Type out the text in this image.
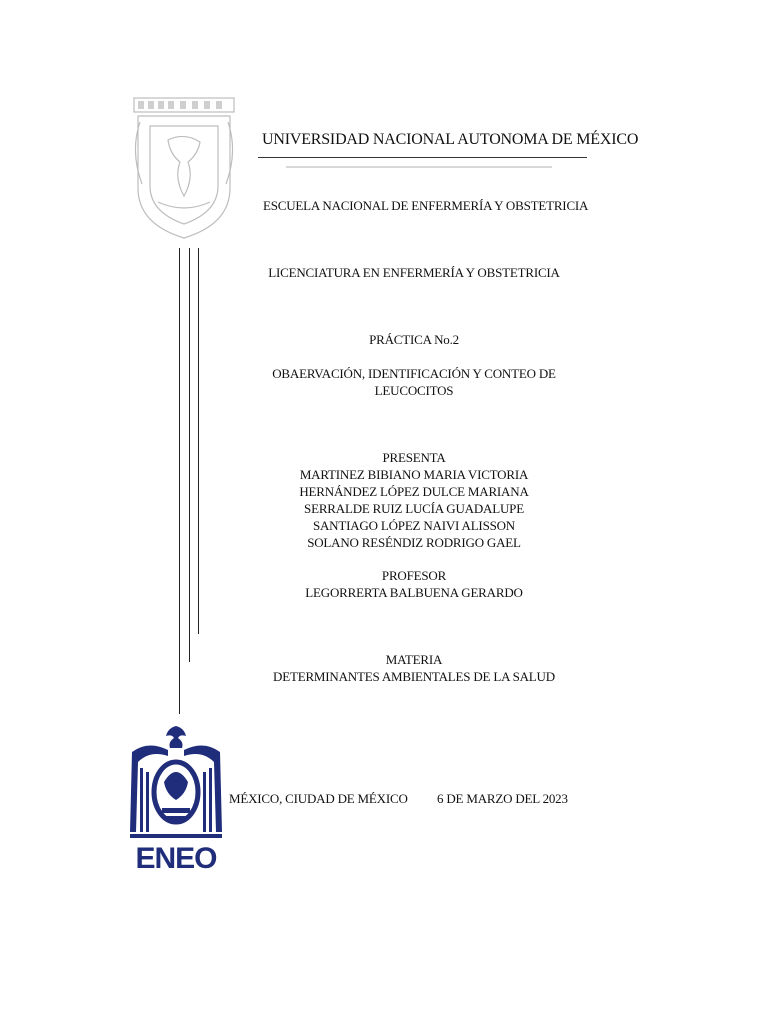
UNIVERSIDAD NACIONAL AUTONOMA DE MÉXICO
ESCUELA NACIONAL DE ENFERMERÍA Y OBSTETRICIA
LICENCIATURA EN ENFERMERÍA Y OBSTETRICIA
PRÁCTICA No.2
OBAERVACIÓN, IDENTIFICACIÓN Y CONTEO DE
LEUCOCITOS
PRESENTA
MARTINEZ BIBIANO MARIA VICTORIA
HERNÁNDEZ LÓPEZ DULCE MARIANA
SERRALDE RUIZ LUCÍA GUADALUPE
SANTIAGO LÓPEZ NAIVI ALISSON
SOLANO RESÉNDIZ RODRIGO GAEL
PROFESOR
LEGORRERTA BALBUENA GERARDO
MATERIA
DETERMINANTES AMBIENTALES DE LA SALUD
ENEO
MÉXICO, CIUDAD DE MÉXICO 6 DE MARZO DEL 2023
